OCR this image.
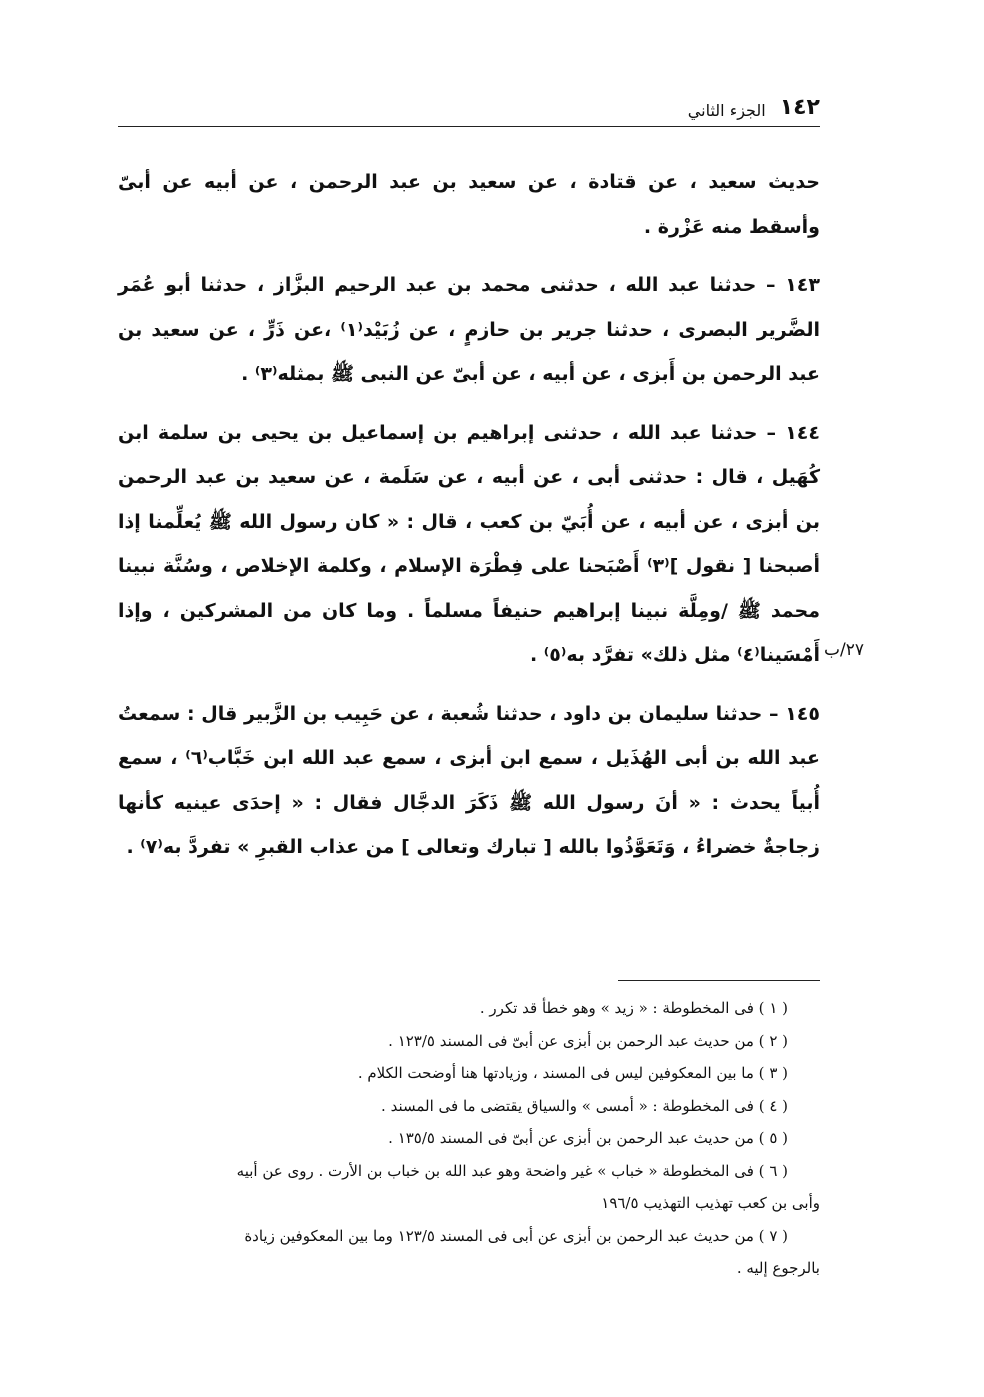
١٤٢
الجزء الثاني

حديث سعيد ، عن قتادة ، عن سعيد بن عبد الرحمن ، عن أبيه عن أبىّ وأسقط منه عَزْرة .

١٤٣ – حدثنا عبد الله ، حدثنى محمد بن عبد الرحيم البزَّاز ، حدثنا أبو عُمَر الضَّرير البصرى ، حدثنا جرير بن حازمٍ ، عن زُبَيْد⁽١⁾ ،عن ذَرٍّ ، عن سعيد بن عبد الرحمن بن أَبزى ، عن أبيه ، عن أبىّ عن النبى ﷺ بمثله⁽٣⁾ .

١٤٤ – حدثنا عبد الله ، حدثنى إبراهيم بن إسماعيل بن يحيى بن سلمة ابن كُهَيل ، قال : حدثنى أبى ، عن أبيه ، عن سَلَمة ، عن سعيد بن عبد الرحمن بن أبزى ، عن أبيه ، عن أُبَيّ بن كعب ، قال : « كان رسول الله ﷺ يُعلِّمنا إذا أصبحنا [ نقول ]⁽٣⁾ أَصْبَحنا على فِطْرَة الإسلام ، وكلمة الإخلاص ، وسُنَّة نبينا محمد ﷺ /ومِلَّة نبينا إبراهيم حنيفاً مسلماً . وما كان من المشركين ، وإذا أَمْسَينا⁽٤⁾ مثل ذلك» تفرَّد به⁽٥⁾ .

١٤٥ – حدثنا سليمان بن داود ، حدثنا شُعبة ، عن حَبِيب بن الزَّبير قال : سمعتُ عبد الله بن أبى الهُذَيل ، سمع ابن أبزى ، سمع عبد الله ابن خَبَّاب⁽٦⁾ ، سمع أُبياً يحدث : « أنَ رسول الله ﷺ ذَكَرَ الدجَّال فقال : « إحدَى عينيه كأنها زجاجةٌ خضراءُ ، وَتَعَوَّذُوا بالله [ تبارك وتعالى ] من عذاب القبرِ » تفردَّ به⁽٧⁾ .

٢٧/ب

( ١ ) فى المخطوطة : « زيد » وهو خطأ قد تكرر .

( ٢ ) من حديث عبد الرحمن بن أبزى عن أبىّ فى المسند ١٢٣/٥ .

( ٣ ) ما بين المعكوفين ليس فى المسند ، وزيادتها هنا أوضحت الكلام .

( ٤ ) فى المخطوطة : « أمسى » والسياق يقتضى ما فى المسند .

( ٥ ) من حديث عبد الرحمن بن أبزى عن أبىّ فى المسند ١٣٥/٥ .

( ٦ ) فى المخطوطة « خباب » غير واضحة وهو عبد الله بن خباب بن الأرت . روى عن أبيه

وأبى بن كعب تهذيب التهذيب ١٩٦/٥

( ٧ ) من حديث عبد الرحمن بن أبزى عن أبى فى المسند ١٢٣/٥ وما بين المعكوفين زيادة

بالرجوع إليه .
